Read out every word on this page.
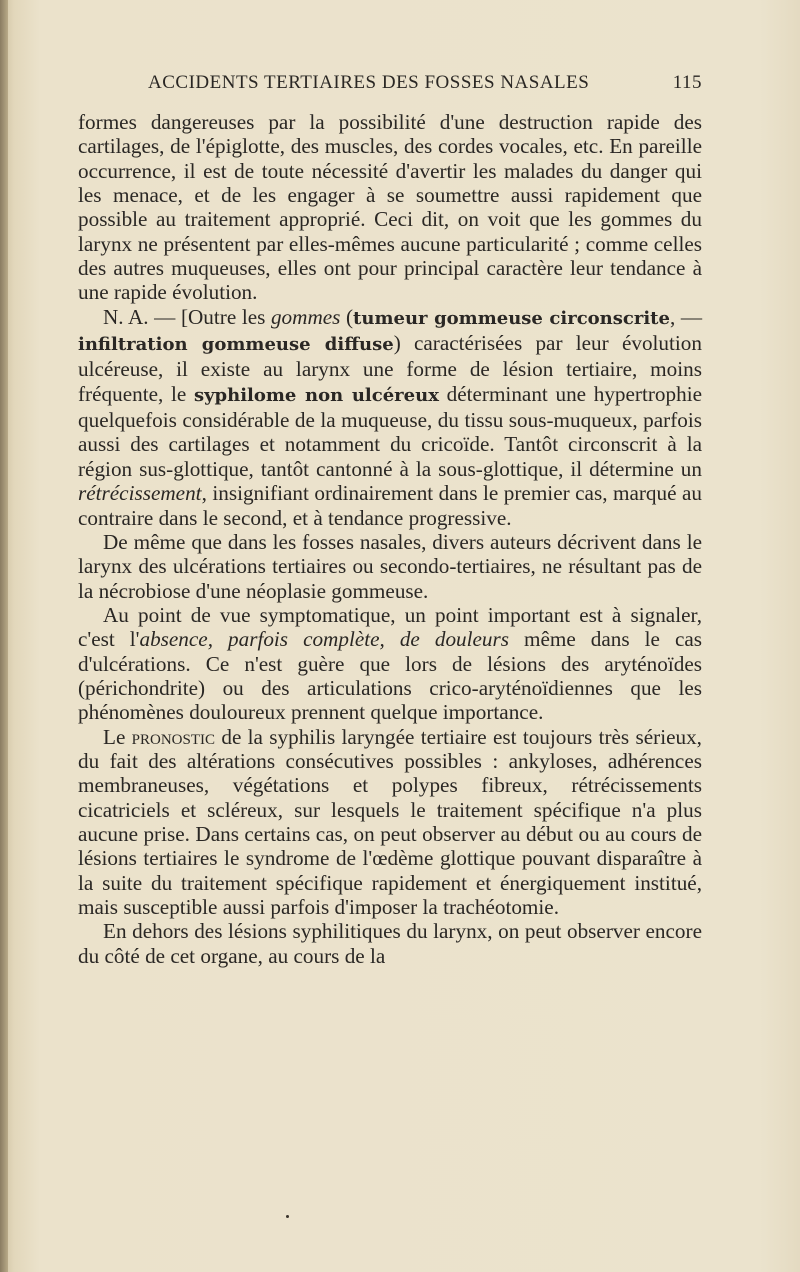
ACCIDENTS TERTIAIRES DES FOSSES NASALES	115

formes dangereuses par la possibilité d'une destruction rapide des cartilages, de l'épiglotte, des muscles, des cordes vocales, etc. En pareille occurrence, il est de toute nécessité d'avertir les malades du danger qui les menace, et de les engager à se soumettre aussi rapidement que possible au traitement approprié. Ceci dit, on voit que les gommes du larynx ne présentent par elles-mêmes aucune particularité ; comme celles des autres muqueuses, elles ont pour principal caractère leur tendance à une rapide évolution.

N. A. — [Outre les gommes (tumeur gommeuse circonscrite, — infiltration gommeuse diffuse) caractérisées par leur évolution ulcéreuse, il existe au larynx une forme de lésion tertiaire, moins fréquente, le syphilome non ulcéreux déterminant une hypertrophie quelquefois considérable de la muqueuse, du tissu sous-muqueux, parfois aussi des cartilages et notamment du cricoïde. Tantôt circonscrit à la région sus-glottique, tantôt cantonné à la sous-glottique, il détermine un rétrécissement, insignifiant ordinairement dans le premier cas, marqué au contraire dans le second, et à tendance progressive.

De même que dans les fosses nasales, divers auteurs décrivent dans le larynx des ulcérations tertiaires ou secondo-tertiaires, ne résultant pas de la nécrobiose d'une néoplasie gommeuse.

Au point de vue symptomatique, un point important est à signaler, c'est l'absence, parfois complète, de douleurs même dans le cas d'ulcérations. Ce n'est guère que lors de lésions des aryténoïdes (périchondrite) ou des articulations crico-aryténoïdiennes que les phénomènes douloureux prennent quelque importance.

Le pronostic de la syphilis laryngée tertiaire est toujours très sérieux, du fait des altérations consécutives possibles : ankyloses, adhérences membraneuses, végétations et polypes fibreux, rétrécissements cicatriciels et scléreux, sur lesquels le traitement spécifique n'a plus aucune prise. Dans certains cas, on peut observer au début ou au cours de lésions tertiaires le syndrome de l'œdème glottique pouvant disparaître à la suite du traitement spécifique rapidement et énergiquement institué, mais susceptible aussi parfois d'imposer la trachéotomie.

En dehors des lésions syphilitiques du larynx, on peut observer encore du côté de cet organe, au cours de la
